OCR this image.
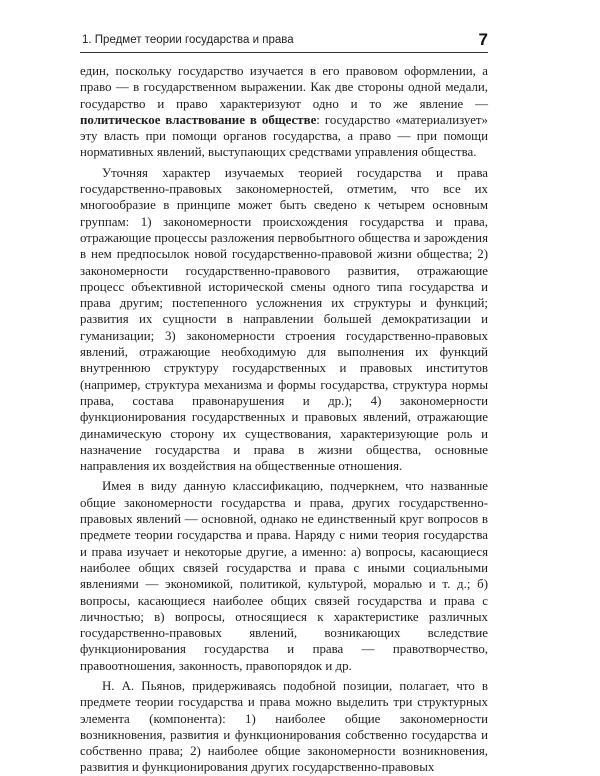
1. Предмет теории государства и права	7

един, поскольку государство изучается в его правовом оформлении, а право — в государственном выражении. Как две стороны одной медали, государство и право характеризуют одно и то же явление — политическое властвование в обществе: государство «материализует» эту власть при помощи органов государства, а право — при помощи нормативных явлений, выступающих средствами управления общества.

Уточняя характер изучаемых теорией государства и права государственно-правовых закономерностей, отметим, что все их многообразие в принципе может быть сведено к четырем основным группам: 1) закономерности происхождения государства и права, отражающие процессы разложения первобытного общества и зарождения в нем предпосылок новой государственно-правовой жизни общества; 2) закономерности государственно-правового развития, отражающие процесс объективной исторической смены одного типа государства и права другим; постепенного усложнения их структуры и функций; развития их сущности в направлении большей демократизации и гуманизации; 3) закономерности строения государственно-правовых явлений, отражающие необходимую для выполнения их функций внутреннюю структуру государственных и правовых институтов (например, структура механизма и формы государства, структура нормы права, состава правонарушения и др.); 4) закономерности функционирования государственных и правовых явлений, отражающие динамическую сторону их существования, характеризующие роль и назначение государства и права в жизни общества, основные направления их воздействия на общественные отношения.

Имея в виду данную классификацию, подчеркнем, что названные общие закономерности государства и права, других государственно-правовых явлений — основной, однако не единственный круг вопросов в предмете теории государства и права. Наряду с ними теория государства и права изучает и некоторые другие, а именно: а) вопросы, касающиеся наиболее общих связей государства и права с иными социальными явлениями — экономикой, политикой, культурой, моралью и т. д.; б) вопросы, касающиеся наиболее общих связей государства и права с личностью; в) вопросы, относящиеся к характеристике различных государственно-правовых явлений, возникающих вследствие функционирования государства и права — правотворчество, правоотношения, законность, правопорядок и др.

Н. А. Пьянов, придерживаясь подобной позиции, полагает, что в предмете теории государства и права можно выделить три структурных элемента (компонента): 1) наиболее общие закономерности возникновения, развития и функционирования собственно государства и собственно права; 2) наиболее общие закономерности возникновения, развития и функционирования других государственно-правовых
